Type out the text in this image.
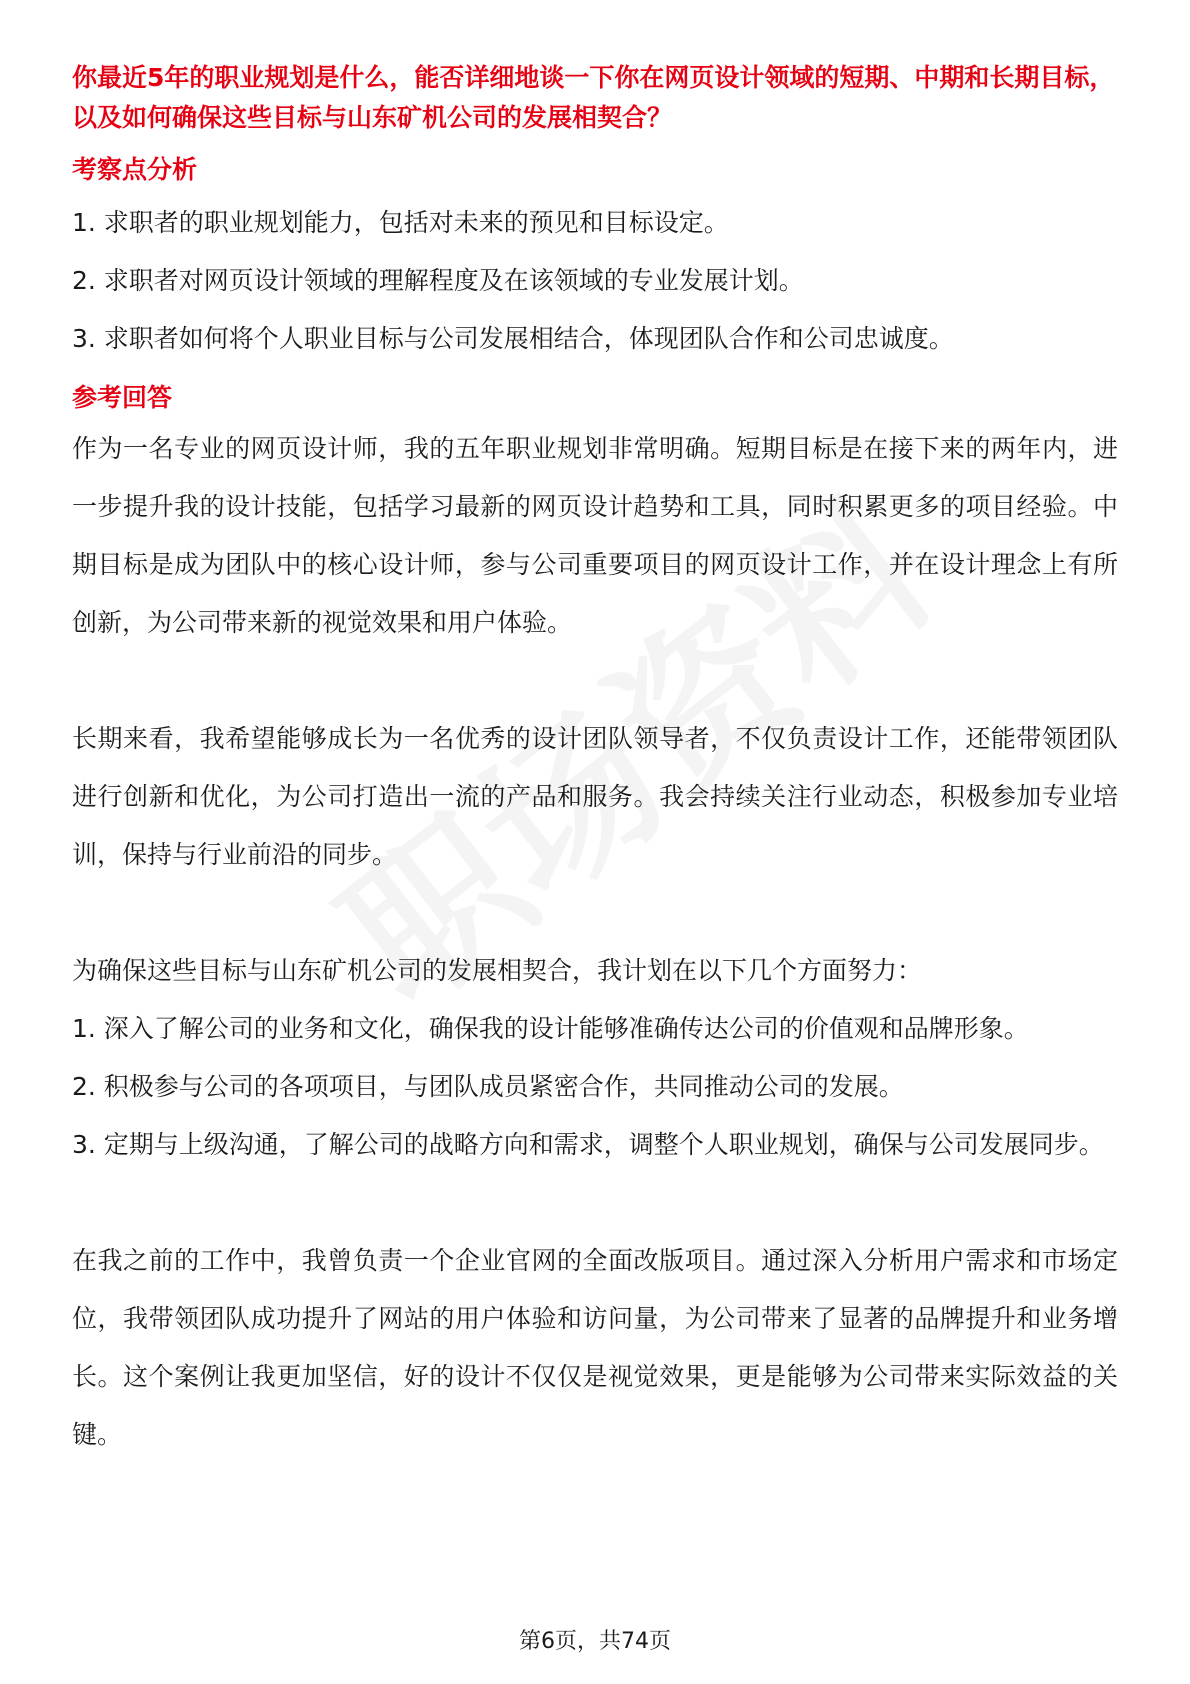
你最近5年的职业规划是什么，能否详细地谈一下你在网页设计领域的短期、中期和长期目标，以及如何确保这些目标与山东矿机公司的发展相契合？

考察点分析

1. 求职者的职业规划能力，包括对未来的预见和目标设定。

2. 求职者对网页设计领域的理解程度及在该领域的专业发展计划。

3. 求职者如何将个人职业目标与公司发展相结合，体现团队合作和公司忠诚度。

参考回答

作为一名专业的网页设计师，我的五年职业规划非常明确。短期目标是在接下来的两年内，进一步提升我的设计技能，包括学习最新的网页设计趋势和工具，同时积累更多的项目经验。中期目标是成为团队中的核心设计师，参与公司重要项目的网页设计工作，并在设计理念上有所创新，为公司带来新的视觉效果和用户体验。

长期来看，我希望能够成长为一名优秀的设计团队领导者，不仅负责设计工作，还能带领团队进行创新和优化，为公司打造出一流的产品和服务。我会持续关注行业动态，积极参加专业培训，保持与行业前沿的同步。

为确保这些目标与山东矿机公司的发展相契合，我计划在以下几个方面努力：

1. 深入了解公司的业务和文化，确保我的设计能够准确传达公司的价值观和品牌形象。

2. 积极参与公司的各项项目，与团队成员紧密合作，共同推动公司的发展。

3. 定期与上级沟通，了解公司的战略方向和需求，调整个人职业规划，确保与公司发展同步。

在我之前的工作中，我曾负责一个企业官网的全面改版项目。通过深入分析用户需求和市场定位，我带领团队成功提升了网站的用户体验和访问量，为公司带来了显著的品牌提升和业务增长。这个案例让我更加坚信，好的设计不仅仅是视觉效果，更是能够为公司带来实际效益的关键。

第6页，共74页
